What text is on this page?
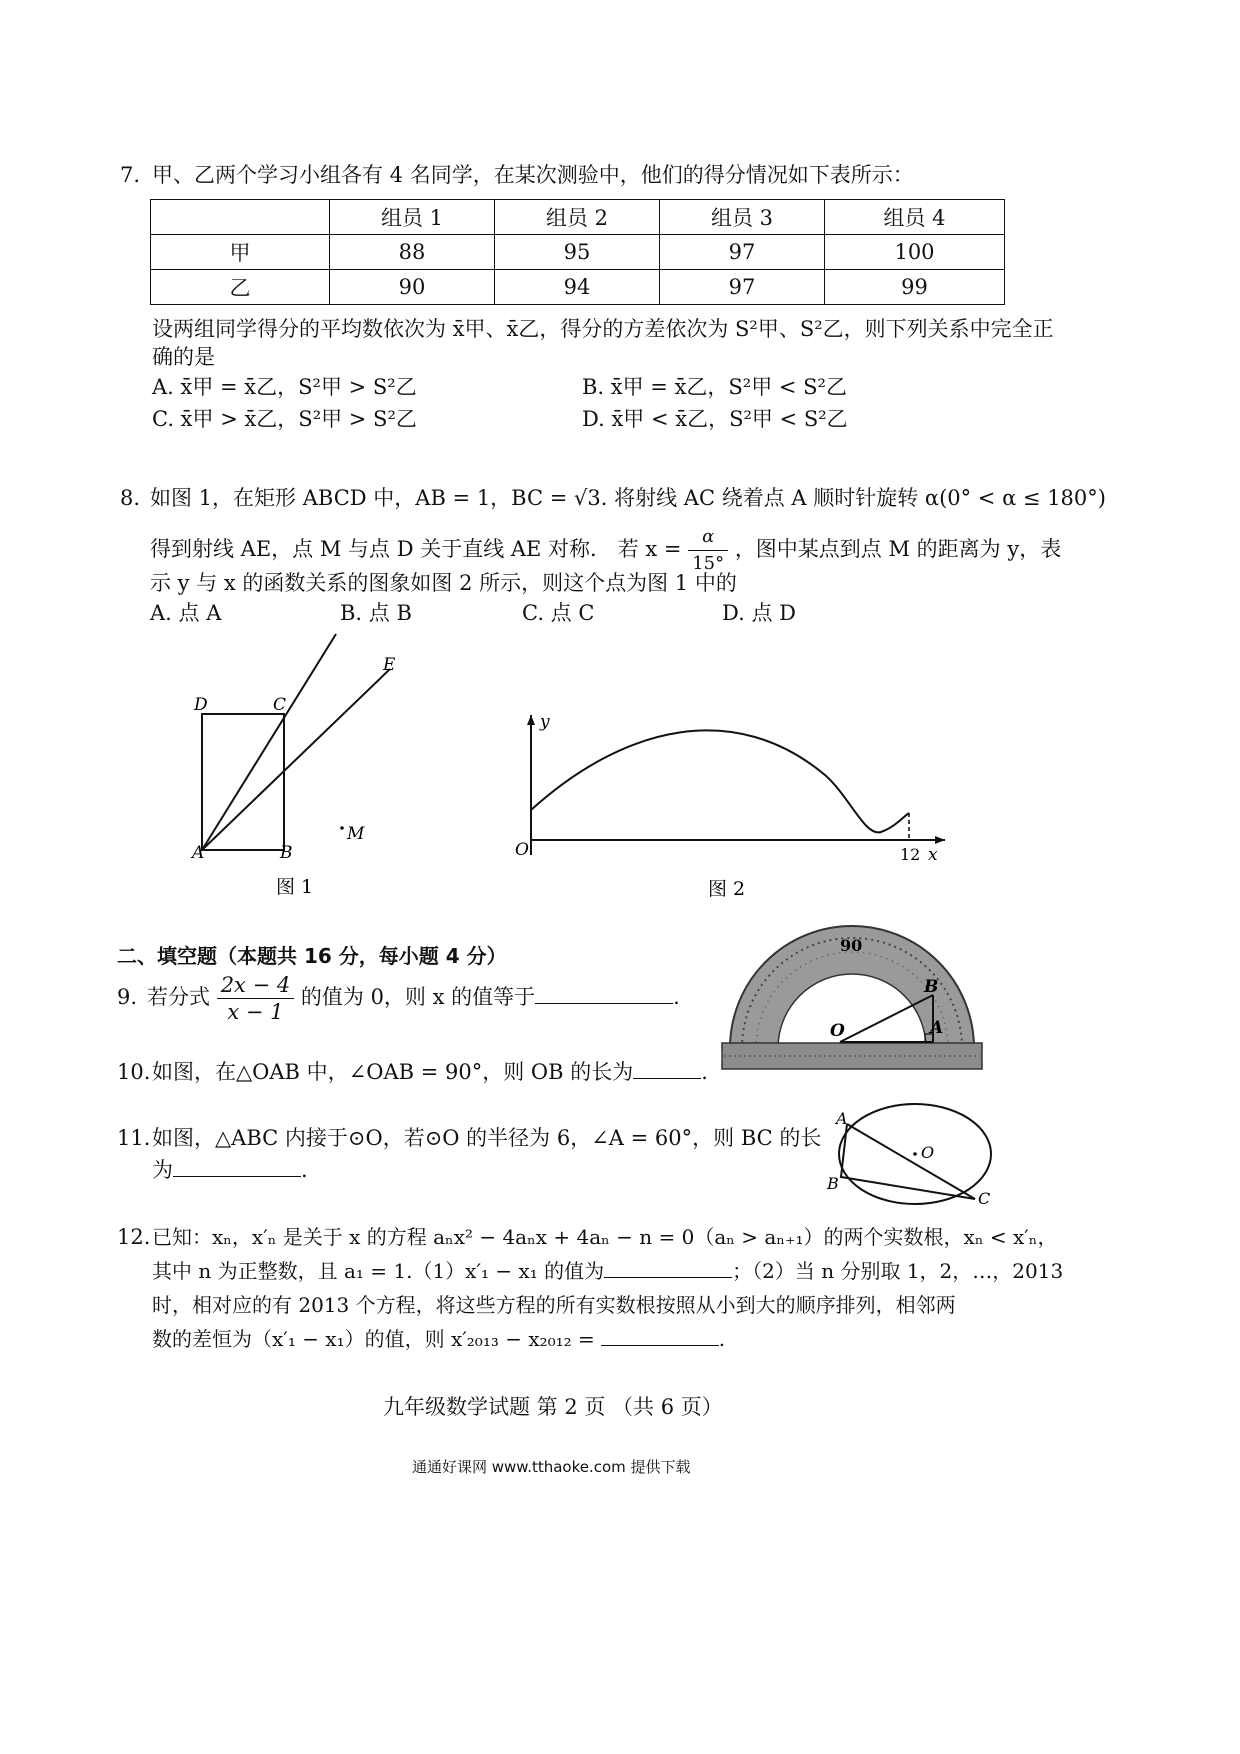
7. 甲、乙两个学习小组各有 4 名同学，在某次测验中，他们的得分情况如下表所示：
	组员 1	组员 2	组员 3	组员 4
甲	88	95	97	100
乙	90	94	97	99
设两组同学得分的平均数依次为 x̄甲、x̄乙，得分的方差依次为 S²甲、S²乙，则下列关系中完全正
确的是
A. x̄甲 = x̄乙，S²甲 > S²乙	B. x̄甲 = x̄乙，S²甲 < S²乙
C. x̄甲 > x̄乙，S²甲 > S²乙	D. x̄甲 < x̄乙，S²甲 < S²乙
8. 如图 1，在矩形 ABCD 中，AB = 1，BC = √3. 将射线 AC 绕着点 A 顺时针旋转 α(0° < α ≤ 180°)
得到射线 AE，点 M 与点 D 关于直线 AE 对称． 若 $x = \frac{\alpha}{15^\circ}$ ，图中某点到点 M 的距离为 y，表
示 y 与 x 的函数关系的图象如图 2 所示，则这个点为图 1 中的
A. 点 A	B. 点 B	C. 点 C	D. 点 D
D	C
E
M
A	B
图 1
y
O	12 x
图 2
二、填空题（本题共 16 分，每小题 4 分）	90
O
B
A
9. 若分式 $\frac{2x - 4}{x - 1}$ 的值为 0，则 x 的值等于	.
10. 如图，在△OAB 中，∠OAB = 90°，则 OB 的长为	.
11. 如图，△ABC 内接于⊙O，若⊙O 的半径为 6，∠A = 60°，则 BC 的长
为	.
A
B
C
O
12. 已知：xₙ，x′ₙ 是关于 x 的方程 aₙx² − 4aₙx + 4aₙ − n = 0（aₙ > aₙ₊₁）的两个实数根，xₙ < x′ₙ，
其中 n 为正整数，且 a₁ = 1.（1）x′₁ − x₁ 的值为	；（2）当 n 分别取 1，2，…，2013
时，相对应的有 2013 个方程，将这些方程的所有实数根按照从小到大的顺序排列，相邻两
数的差恒为（x′₁ − x₁）的值，则 x′₂₀₁₃ − x₂₀₁₂ =	.
九年级数学试题 第 2 页 （共 6 页）
通通好课网 www.tthaoke.com 提供下载
